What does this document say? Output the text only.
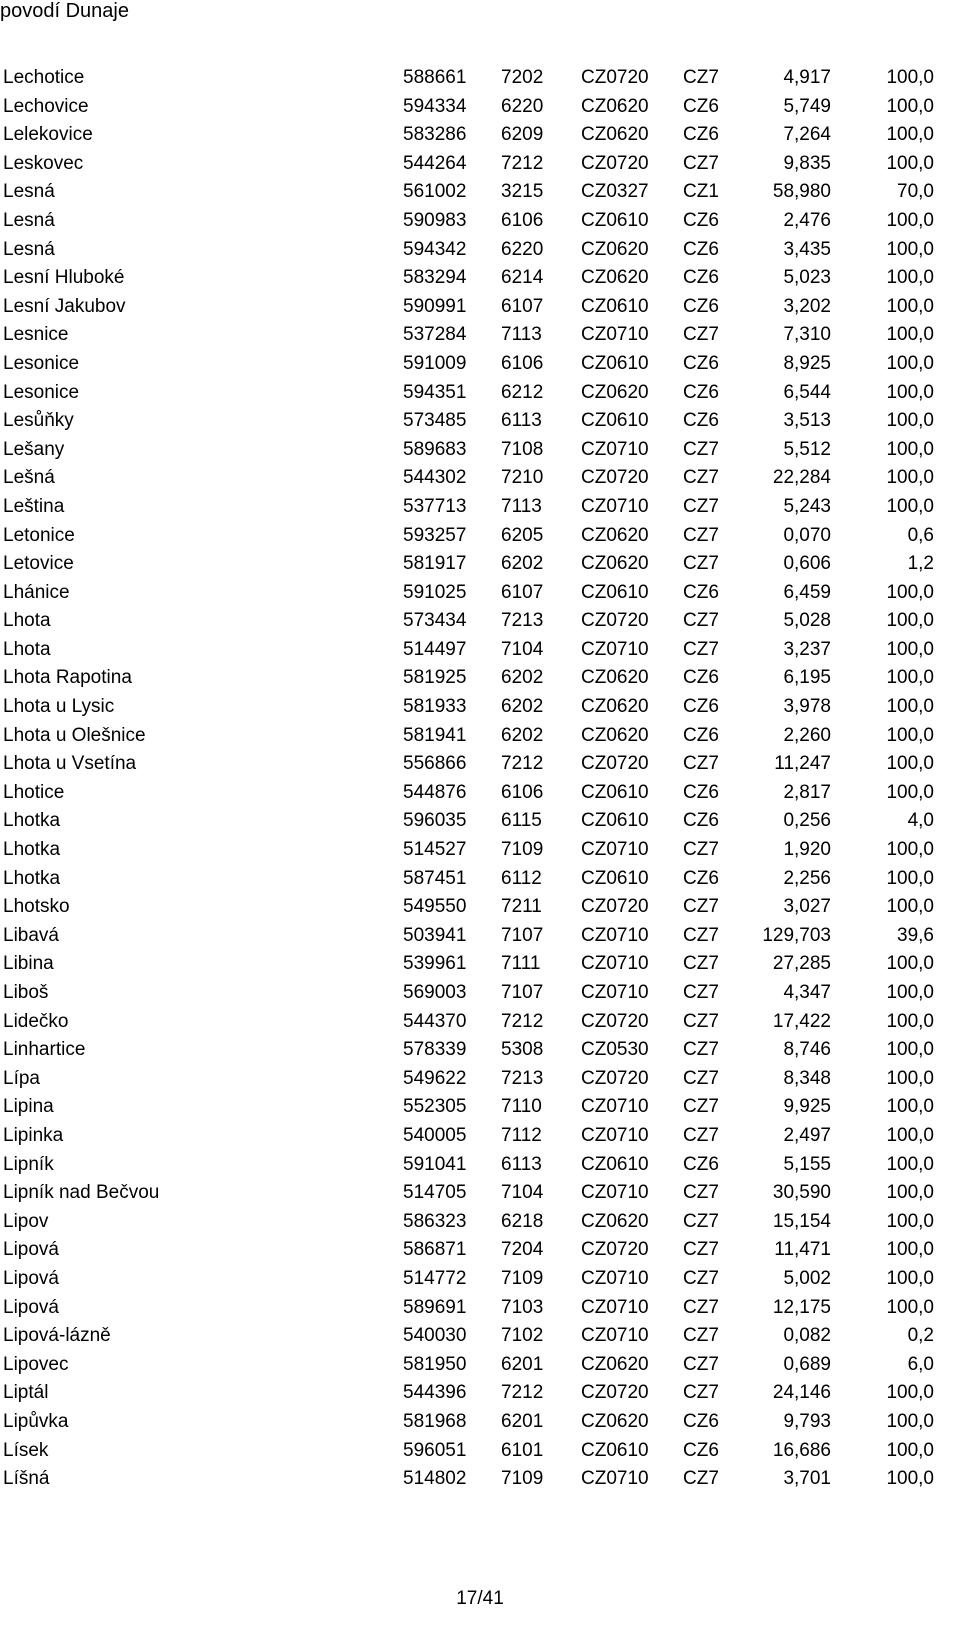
povodí Dunaje
Lechotice	588661	7202	CZ0720	CZ7	4,917	100,0
Lechovice	594334	6220	CZ0620	CZ6	5,749	100,0
Lelekovice	583286	6209	CZ0620	CZ6	7,264	100,0
Leskovec	544264	7212	CZ0720	CZ7	9,835	100,0
Lesná	561002	3215	CZ0327	CZ1	58,980	70,0
Lesná	590983	6106	CZ0610	CZ6	2,476	100,0
Lesná	594342	6220	CZ0620	CZ6	3,435	100,0
Lesní Hluboké	583294	6214	CZ0620	CZ6	5,023	100,0
Lesní Jakubov	590991	6107	CZ0610	CZ6	3,202	100,0
Lesnice	537284	7113	CZ0710	CZ7	7,310	100,0
Lesonice	591009	6106	CZ0610	CZ6	8,925	100,0
Lesonice	594351	6212	CZ0620	CZ6	6,544	100,0
Lesůňky	573485	6113	CZ0610	CZ6	3,513	100,0
Lešany	589683	7108	CZ0710	CZ7	5,512	100,0
Lešná	544302	7210	CZ0720	CZ7	22,284	100,0
Leština	537713	7113	CZ0710	CZ7	5,243	100,0
Letonice	593257	6205	CZ0620	CZ7	0,070	0,6
Letovice	581917	6202	CZ0620	CZ7	0,606	1,2
Lhánice	591025	6107	CZ0610	CZ6	6,459	100,0
Lhota	573434	7213	CZ0720	CZ7	5,028	100,0
Lhota	514497	7104	CZ0710	CZ7	3,237	100,0
Lhota Rapotina	581925	6202	CZ0620	CZ6	6,195	100,0
Lhota u Lysic	581933	6202	CZ0620	CZ6	3,978	100,0
Lhota u Olešnice	581941	6202	CZ0620	CZ6	2,260	100,0
Lhota u Vsetína	556866	7212	CZ0720	CZ7	11,247	100,0
Lhotice	544876	6106	CZ0610	CZ6	2,817	100,0
Lhotka	596035	6115	CZ0610	CZ6	0,256	4,0
Lhotka	514527	7109	CZ0710	CZ7	1,920	100,0
Lhotka	587451	6112	CZ0610	CZ6	2,256	100,0
Lhotsko	549550	7211	CZ0720	CZ7	3,027	100,0
Libavá	503941	7107	CZ0710	CZ7	129,703	39,6
Libina	539961	7111	CZ0710	CZ7	27,285	100,0
Liboš	569003	7107	CZ0710	CZ7	4,347	100,0
Lidečko	544370	7212	CZ0720	CZ7	17,422	100,0
Linhartice	578339	5308	CZ0530	CZ7	8,746	100,0
Lípa	549622	7213	CZ0720	CZ7	8,348	100,0
Lipina	552305	7110	CZ0710	CZ7	9,925	100,0
Lipinka	540005	7112	CZ0710	CZ7	2,497	100,0
Lipník	591041	6113	CZ0610	CZ6	5,155	100,0
Lipník nad Bečvou	514705	7104	CZ0710	CZ7	30,590	100,0
Lipov	586323	6218	CZ0620	CZ7	15,154	100,0
Lipová	586871	7204	CZ0720	CZ7	11,471	100,0
Lipová	514772	7109	CZ0710	CZ7	5,002	100,0
Lipová	589691	7103	CZ0710	CZ7	12,175	100,0
Lipová-lázně	540030	7102	CZ0710	CZ7	0,082	0,2
Lipovec	581950	6201	CZ0620	CZ7	0,689	6,0
Liptál	544396	7212	CZ0720	CZ7	24,146	100,0
Lipůvka	581968	6201	CZ0620	CZ6	9,793	100,0
Lísek	596051	6101	CZ0610	CZ6	16,686	100,0
Líšná	514802	7109	CZ0710	CZ7	3,701	100,0
17/41
